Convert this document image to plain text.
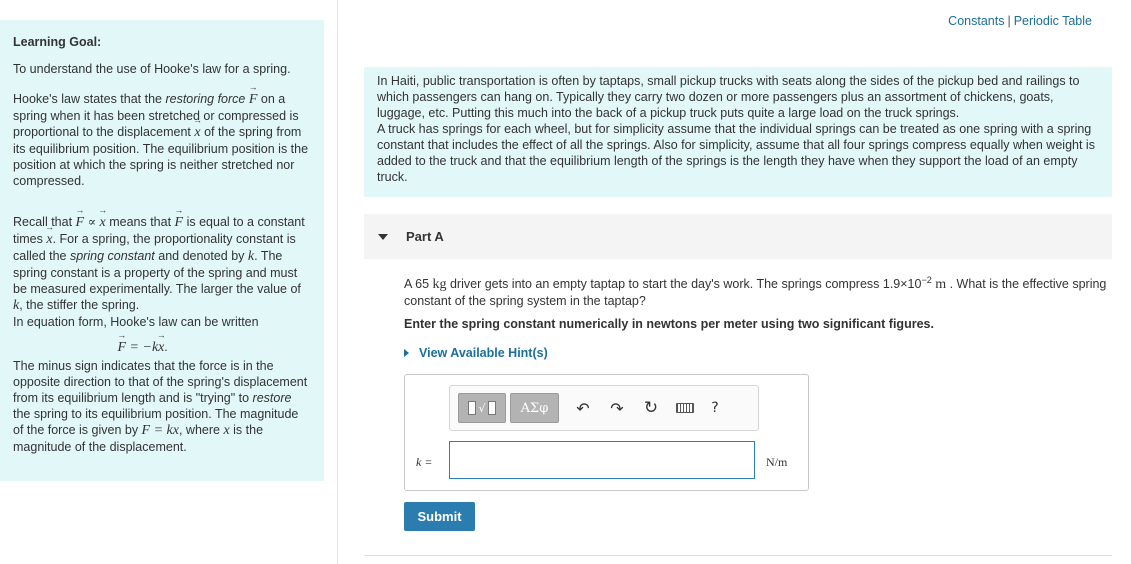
Learning Goal:

To understand the use of Hooke's law for a spring.

Hooke's law states that the restoring force → F on a spring when it has been stretched or compressed is proportional to the displacement → x of the spring from its equilibrium position. The equilibrium position is the position at which the spring is neither stretched nor compressed.

Recall that → F ∝ → x means that → F is equal to a constant times → x. For a spring, the proportionality constant is called the spring constant and denoted by k. The spring constant is a property of the spring and must be measured experimentally. The larger the value of k, the stiffer the spring.
In equation form, Hooke's law can be written

→ F = −k→ x.

The minus sign indicates that the force is in the opposite direction to that of the spring's displacement from its equilibrium length and is "trying" to restore the spring to its equilibrium position. The magnitude of the force is given by F = kx, where x is the magnitude of the displacement.

Constants | Periodic Table

In Haiti, public transportation is often by taptaps, small pickup trucks with seats along the sides of the pickup bed and railings to which passengers can hang on. Typically they carry two dozen or more passengers plus an assortment of chickens, goats, luggage, etc. Putting this much into the back of a pickup truck puts quite a large load on the truck springs.

A truck has springs for each wheel, but for simplicity assume that the individual springs can be treated as one spring with a spring constant that includes the effect of all the springs. Also for simplicity, assume that all four springs compress equally when weight is added to the truck and that the equilibrium length of the springs is the length they have when they support the load of an empty truck.

Part A

A 65 kg driver gets into an empty taptap to start the day's work. The springs compress $1.9\times 10^{-2}$ m . What is the effective spring constant of the spring system in the taptap?

Enter the spring constant numerically in newtons per meter using two significant figures.
View Available Hint(s)
√	ΑΣφ	↶	↷	↻	?
k =	N/m
Submit
